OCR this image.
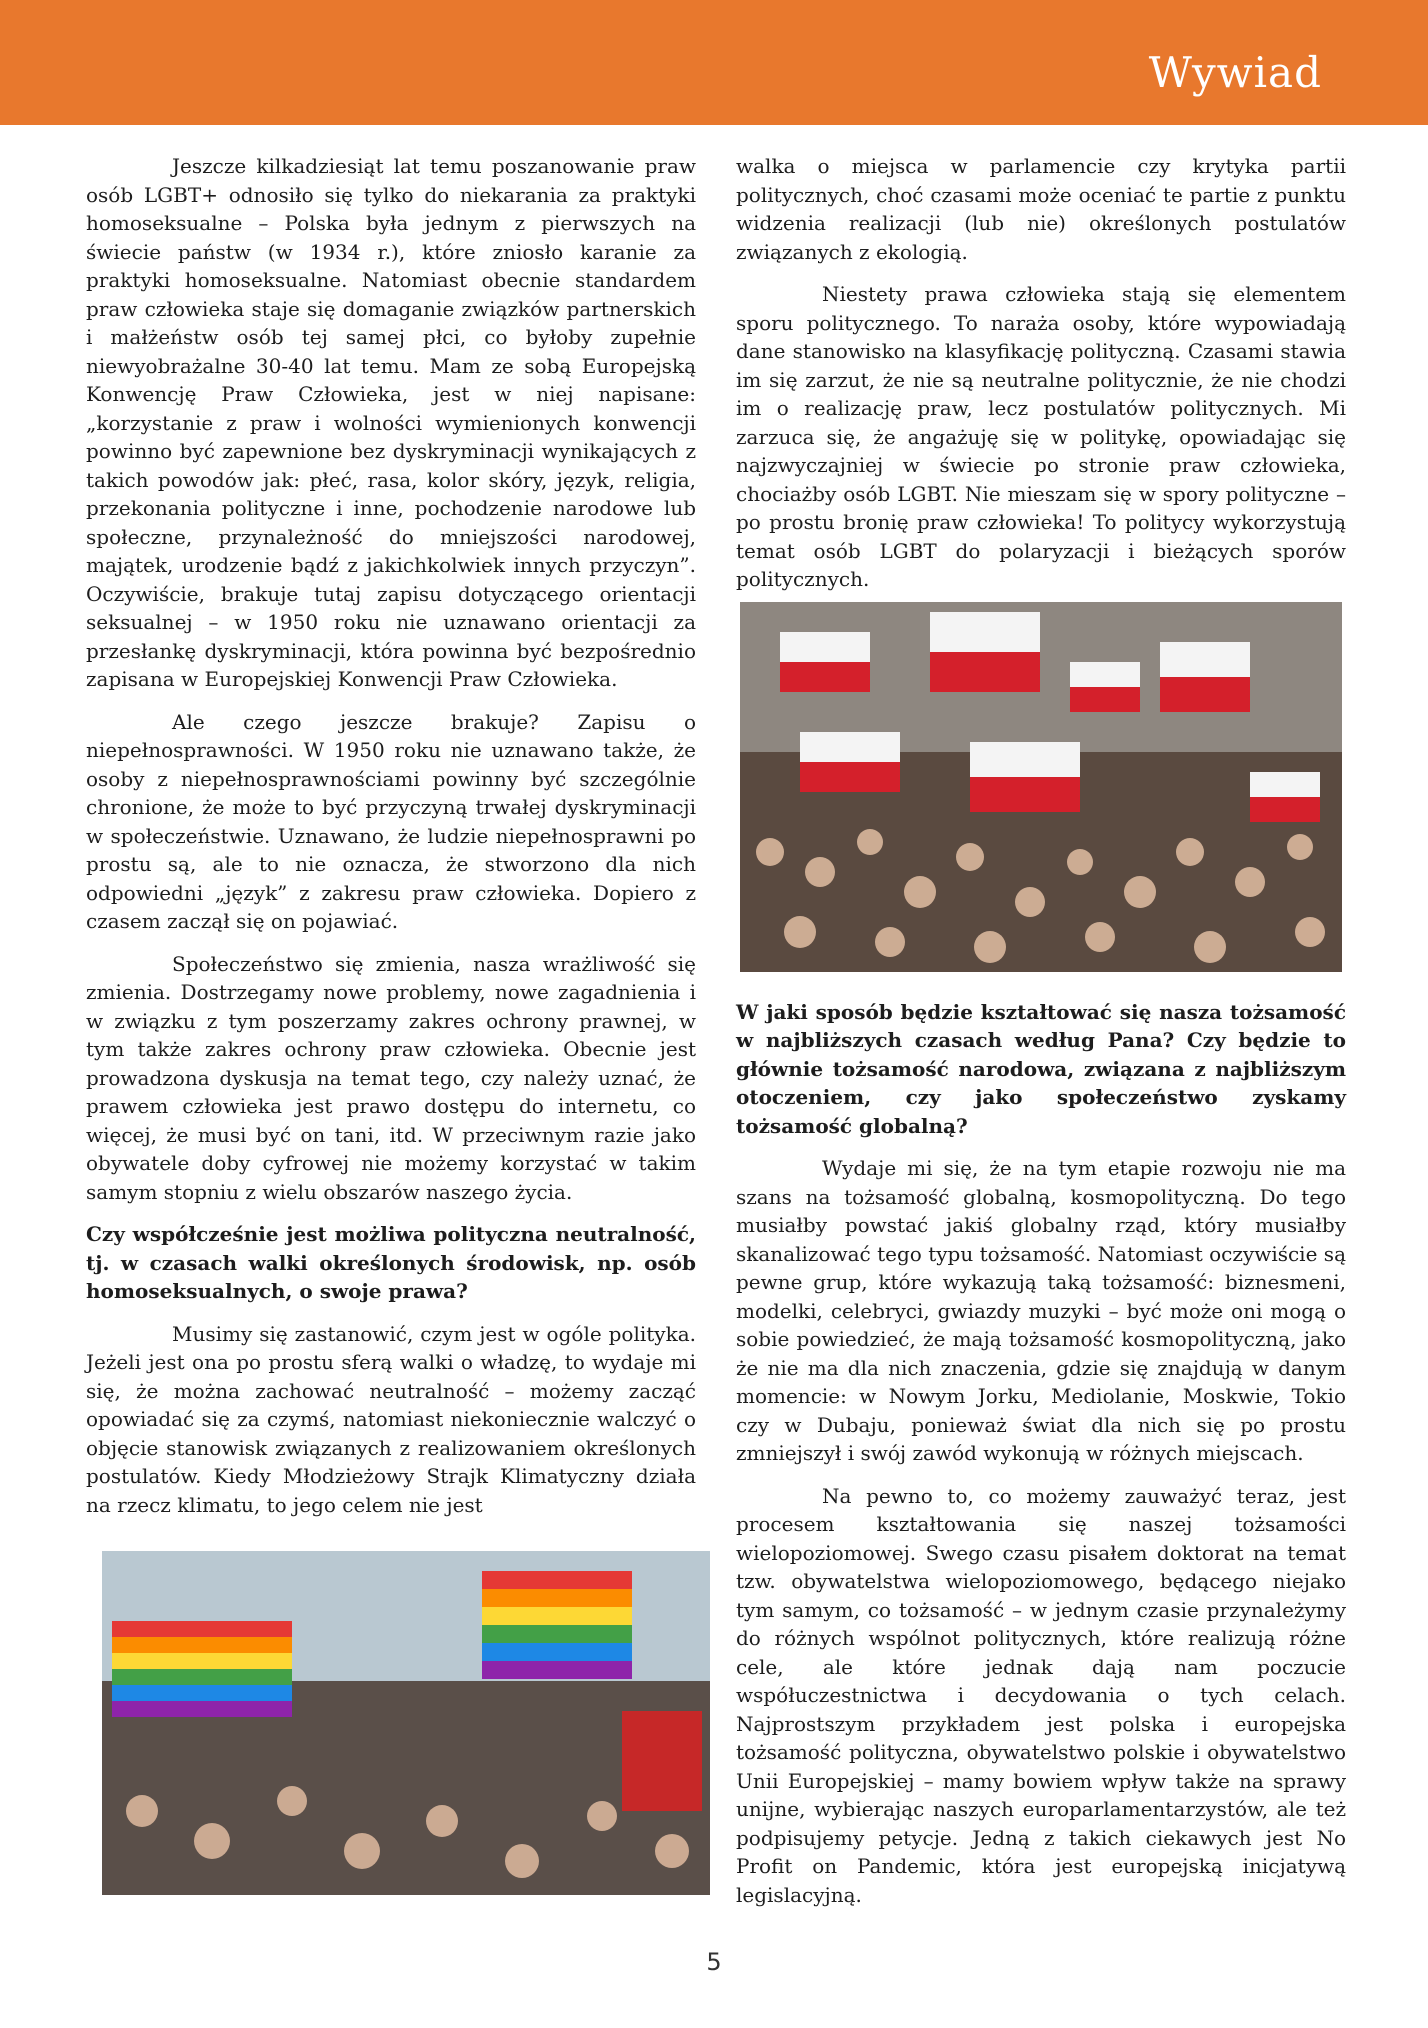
Wywiad

Jeszcze kilkadziesiąt lat temu poszanowanie praw osób LGBT+ odnosiło się tylko do niekarania za praktyki homoseksualne – Polska była jednym z pierwszych na świecie państw (w 1934 r.), które zniosło karanie za praktyki homoseksualne. Natomiast obecnie standardem praw człowieka staje się domaganie związków partnerskich i małżeństw osób tej samej płci, co byłoby zupełnie niewyobrażalne 30-40 lat temu. Mam ze sobą Europejską Konwencję Praw Człowieka, jest w niej napisane: „korzystanie z praw i wolności wymienionych konwencji powinno być zapewnione bez dyskryminacji wynikających z takich powodów jak: płeć, rasa, kolor skóry, język, religia, przekonania polityczne i inne, pochodzenie narodowe lub społeczne, przynależność do mniejszości narodowej, majątek, urodzenie bądź z jakichkolwiek innych przyczyn”. Oczywiście, brakuje tutaj zapisu dotyczącego orientacji seksualnej – w 1950 roku nie uznawano orientacji za przesłankę dyskryminacji, która powinna być bezpośrednio zapisana w Europejskiej Konwencji Praw Człowieka.

Ale czego jeszcze brakuje? Zapisu o niepełnosprawności. W 1950 roku nie uznawano także, że osoby z niepełnosprawnościami powinny być szczególnie chronione, że może to być przyczyną trwałej dyskryminacji w społeczeństwie. Uznawano, że ludzie niepełnosprawni po prostu są, ale to nie oznacza, że stworzono dla nich odpowiedni „język” z zakresu praw człowieka. Dopiero z czasem zaczął się on pojawiać.

Społeczeństwo się zmienia, nasza wrażliwość się zmienia. Dostrzegamy nowe problemy, nowe zagadnienia i w związku z tym poszerzamy zakres ochrony prawnej, w tym także zakres ochrony praw człowieka. Obecnie jest prowadzona dyskusja na temat tego, czy należy uznać, że prawem człowieka jest prawo dostępu do internetu, co więcej, że musi być on tani, itd. W przeciwnym razie jako obywatele doby cyfrowej nie możemy korzystać w takim samym stopniu z wielu obszarów naszego życia.

Czy współcześnie jest możliwa polityczna neutralność, tj. w czasach walki określonych środowisk, np. osób homoseksualnych, o swoje prawa?

Musimy się zastanowić, czym jest w ogóle polityka. Jeżeli jest ona po prostu sferą walki o władzę, to wydaje mi się, że można zachować neutralność – możemy zacząć opowiadać się za czymś, natomiast niekoniecznie walczyć o objęcie stanowisk związanych z realizowaniem określonych postulatów. Kiedy Młodzieżowy Strajk Klimatyczny działa na rzecz klimatu, to jego celem nie jest

walka o miejsca w parlamencie czy krytyka partii politycznych, choć czasami może oceniać te partie z punktu widzenia realizacji (lub nie) określonych postulatów związanych z ekologią.

Niestety prawa człowieka stają się elementem sporu politycznego. To naraża osoby, które wypowiadają dane stanowisko na klasyfikację polityczną. Czasami stawia im się zarzut, że nie są neutralne politycznie, że nie chodzi im o realizację praw, lecz postulatów politycznych. Mi zarzuca się, że angażuję się w politykę, opowiadając się najzwyczajniej w świecie po stronie praw człowieka, chociażby osób LGBT. Nie mieszam się w spory polityczne – po prostu bronię praw człowieka! To politycy wykorzystują temat osób LGBT do polaryzacji i bieżących sporów politycznych.

W jaki sposób będzie kształtować się nasza tożsamość w najbliższych czasach według Pana? Czy będzie to głównie tożsamość narodowa, związana z najbliższym otoczeniem, czy jako społeczeństwo zyskamy tożsamość globalną?

Wydaje mi się, że na tym etapie rozwoju nie ma szans na tożsamość globalną, kosmopolityczną. Do tego musiałby powstać jakiś globalny rząd, który musiałby skanalizować tego typu tożsamość. Natomiast oczywiście są pewne grup, które wykazują taką tożsamość: biznesmeni, modelki, celebryci, gwiazdy muzyki – być może oni mogą o sobie powiedzieć, że mają tożsamość kosmopolityczną, jako że nie ma dla nich znaczenia, gdzie się znajdują w danym momencie: w Nowym Jorku, Mediolanie, Moskwie, Tokio czy w Dubaju, ponieważ świat dla nich się po prostu zmniejszył i swój zawód wykonują w różnych miejscach.

Na pewno to, co możemy zauważyć teraz, jest procesem kształtowania się naszej tożsamości wielopoziomowej. Swego czasu pisałem doktorat na temat tzw. obywatelstwa wielopoziomowego, będącego niejako tym samym, co tożsamość – w jednym czasie przynależymy do różnych wspólnot politycznych, które realizują różne cele, ale które jednak dają nam poczucie współuczestnictwa i decydowania o tych celach. Najprostszym przykładem jest polska i europejska tożsamość polityczna, obywatelstwo polskie i obywatelstwo Unii Europejskiej – mamy bowiem wpływ także na sprawy unijne, wybierając naszych europarlamentarzystów, ale też podpisujemy petycje. Jedną z takich ciekawych jest No Profit on Pandemic, która jest europejską inicjatywą legislacyjną.

5
